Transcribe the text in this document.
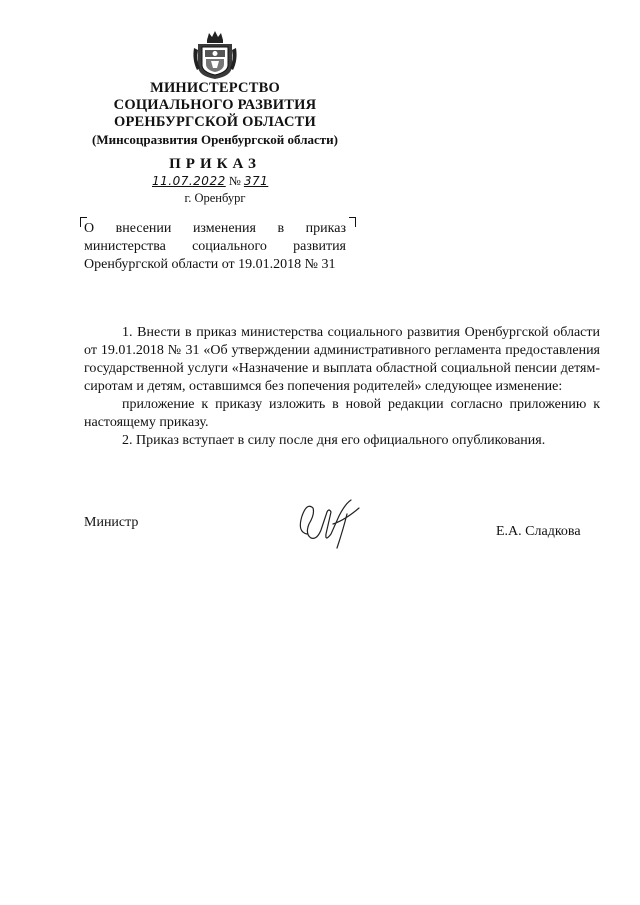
МИНИСТЕРСТВО
СОЦИАЛЬНОГО РАЗВИТИЯ
ОРЕНБУРГСКОЙ ОБЛАСТИ
(Минсоцразвития Оренбургской области)
ПРИКАЗ
11.07.2022 № 371
г. Оренбург

О внесении изменения в приказ министерства социального развития Оренбургской области от 19.01.2018 № 31

1. Внести в приказ министерства социального развития Оренбургской области от 19.01.2018 № 31 «Об утверждении административного регламента предоставления государственной услуги «Назначение и выплата областной социальной пенсии детям-сиротам и детям, оставшимся без попечения родителей» следующее изменение:

приложение к приказу изложить в новой редакции согласно приложению к настоящему приказу.

2. Приказ вступает в силу после дня его официального опубликования.

Министр
Е.А. Сладкова
